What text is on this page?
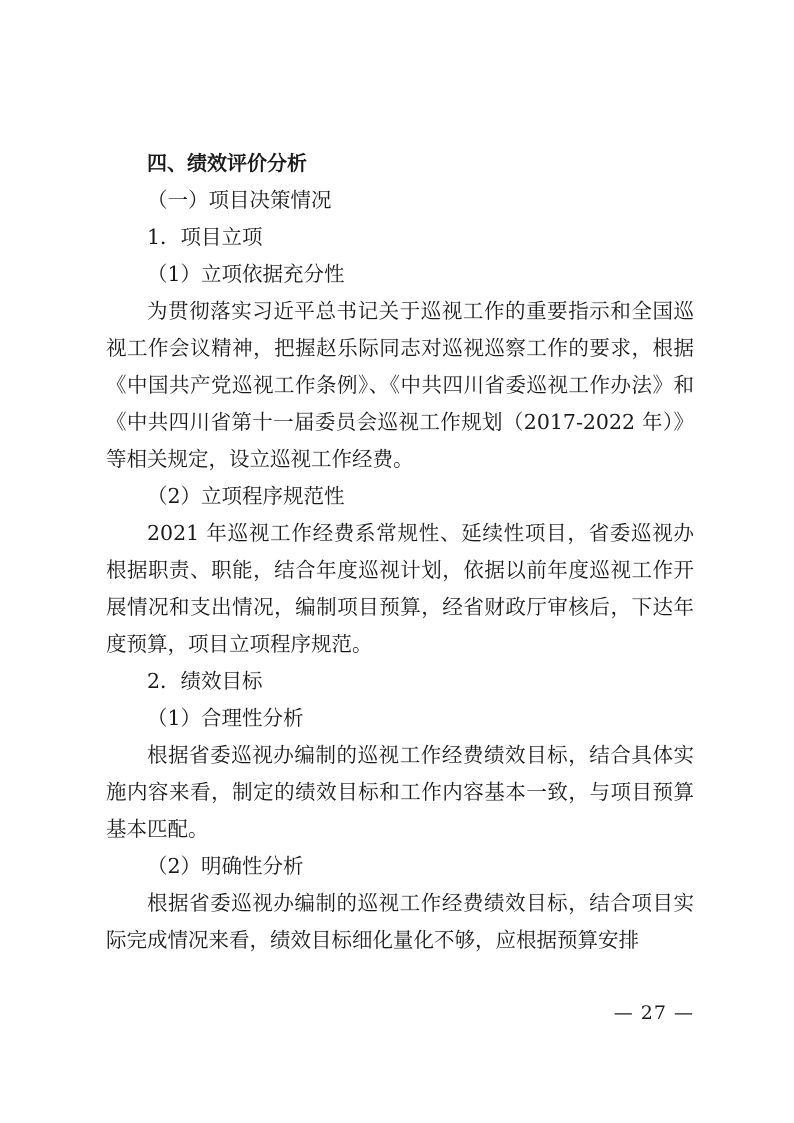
四、绩效评价分析
（一）项目决策情况
1．项目立项
（1）立项依据充分性

为贯彻落实习近平总书记关于巡视工作的重要指示和全国巡视工作会议精神，把握赵乐际同志对巡视巡察工作的要求，根据《中国共产党巡视工作条例》、《中共四川省委巡视工作办法》和《中共四川省第十一届委员会巡视工作规划（2017-2022 年）》等相关规定，设立巡视工作经费。

（2）立项程序规范性

2021 年巡视工作经费系常规性、延续性项目，省委巡视办根据职责、职能，结合年度巡视计划，依据以前年度巡视工作开展情况和支出情况，编制项目预算，经省财政厅审核后，下达年度预算，项目立项程序规范。

2．绩效目标
（1）合理性分析

根据省委巡视办编制的巡视工作经费绩效目标，结合具体实施内容来看，制定的绩效目标和工作内容基本一致，与项目预算基本匹配。

（2）明确性分析

根据省委巡视办编制的巡视工作经费绩效目标，结合项目实际完成情况来看，绩效目标细化量化不够，应根据预算安排

— 27 —
